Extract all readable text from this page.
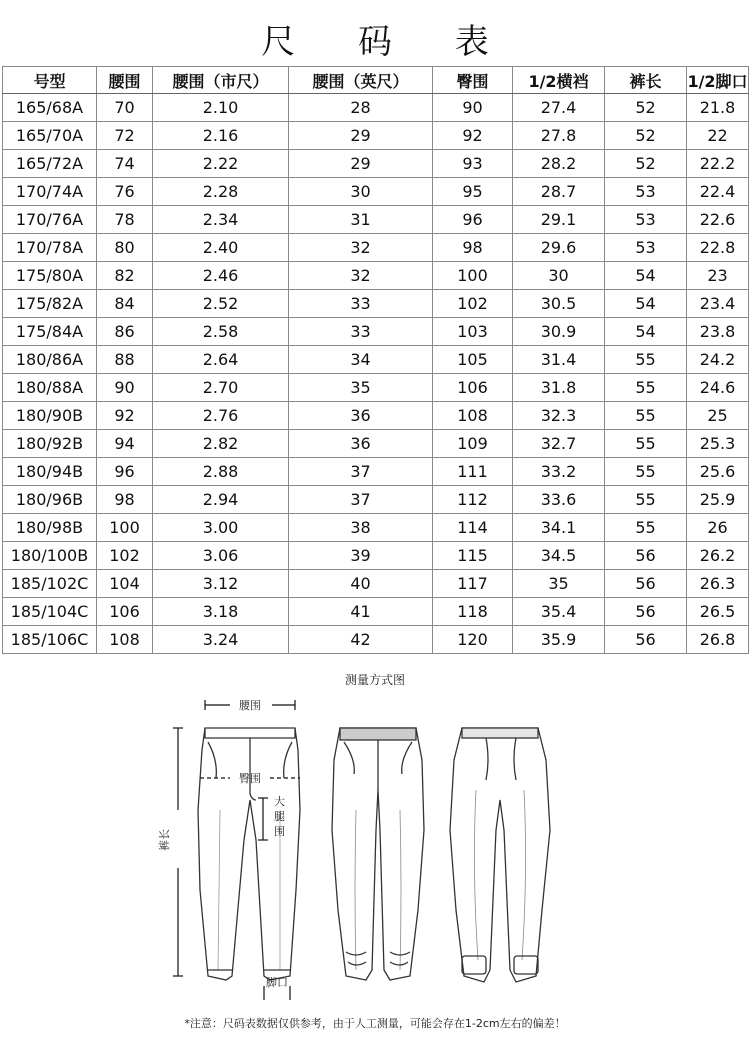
尺 码 表
号型	腰围	腰围（市尺）	腰围（英尺）	臀围	1/2横裆	裤长	1/2脚口
165/68A	70	2.10	28	90	27.4	52	21.8
165/70A	72	2.16	29	92	27.8	52	22
165/72A	74	2.22	29	93	28.2	52	22.2
170/74A	76	2.28	30	95	28.7	53	22.4
170/76A	78	2.34	31	96	29.1	53	22.6
170/78A	80	2.40	32	98	29.6	53	22.8
175/80A	82	2.46	32	100	30	54	23
175/82A	84	2.52	33	102	30.5	54	23.4
175/84A	86	2.58	33	103	30.9	54	23.8
180/86A	88	2.64	34	105	31.4	55	24.2
180/88A	90	2.70	35	106	31.8	55	24.6
180/90B	92	2.76	36	108	32.3	55	25
180/92B	94	2.82	36	109	32.7	55	25.3
180/94B	96	2.88	37	111	33.2	55	25.6
180/96B	98	2.94	37	112	33.6	55	25.9
180/98B	100	3.00	38	114	34.1	55	26
180/100B	102	3.06	39	115	34.5	56	26.2
185/102C	104	3.12	40	117	35	56	26.3
185/104C	106	3.18	41	118	35.4	56	26.5
185/106C	108	3.24	42	120	35.9	56	26.8
测量方式图
腰围
臀围
裤长
脚口
大
腿
围
*注意：尺码表数据仅供参考，由于人工测量，可能会存在1-2cm左右的偏差！
